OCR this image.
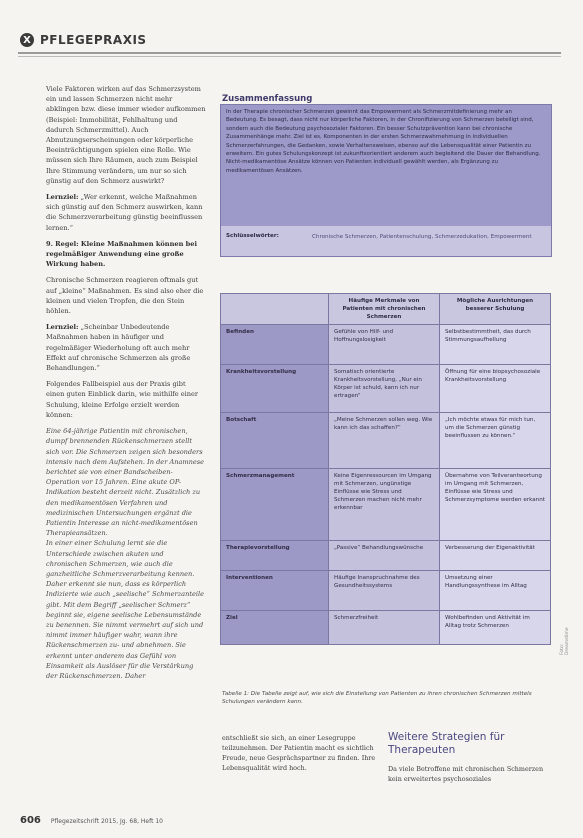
X PFLEGEPRAXIS

Viele Faktoren wirken auf das Schmerzsystem ein und lassen Schmerzen nicht mehr abklingen bzw. diese immer wieder aufkommen (Beispiel: Immobilität, Fehlhaltung und dadurch Schmerzmittel). Auch Abnutzungserscheinungen oder körperliche Beeinträchtigungen spielen eine Rolle. Wie müssen sich Ihre Räumen, auch zum Beispiel Ihre Stimmung verändern, um nur so sich günstig auf den Schmerz auswirkt?

Lernziel: „Wer erkennt, welche Maßnahmen sich günstig auf den Schmerz auswirken, kann die Schmerzverarbeitung günstig beeinflussen lernen.“

9. Regel: Kleine Maßnahmen können bei regelmäßiger Anwendung eine große Wirkung haben.

Chronische Schmerzen reagieren oftmals gut auf „kleine“ Maßnahmen. Es sind also eher die kleinen und vielen Tropfen, die den Stein höhlen.

Lernziel: „Scheinbar Unbedeutende Maßnahmen haben in häufiger und regelmäßiger Wiederholung oft auch mehr Effekt auf chronische Schmerzen als große Behandlungen.“

Folgendes Fallbeispiel aus der Praxis gibt einen guten Einblick darin, wie mithilfe einer Schulung, kleine Erfolge erzielt werden können:

Eine 64-jährige Patientin mit chronischen, dumpf brennenden Rückenschmerzen stellt sich vor. Die Schmerzen zeigen sich besonders intensiv nach dem Aufstehen. In der Anamnese berichtet sie von einer Bandscheiben-Operation vor 15 Jahren. Eine akute OP-Indikation besteht derzeit nicht. Zusätzlich zu den medikamentösen Verfahren und medizinischen Untersuchungen ergänzt die Patientin Interesse an nicht-medikamentösen Therapieansätzen.
In einer einer Schulung lernt sie die Unterschiede zwischen akuten und chronischen Schmerzen, wie auch die ganzheitliche Schmerzverarbeitung kennen. Daher erkennt sie nun, dass es körperlich Indizierte wie auch „seelische“ Schmerzanteile gibt. Mit dem Begriff „seelischer Schmerz“ beginnt sie, eigene seelische Lebensumstände zu benennen. Sie nimmt vermehrt auf sich und nimmt immer häufiger wahr, wann ihre Rückenschmerzen zu- und abnehmen. Sie erkennt unter anderem das Gefühl von Einsamkeit als Auslöser für die Verstärkung der Rückenschmerzen. Daher

Zusammenfassung
In der Therapie chronischer Schmerzen gewinnt das Empowerment als Schmerzmitdefinierung mehr an Bedeutung. Es besagt, dass nicht nur körperliche Faktoren, in der Chronifizierung von Schmerzen beteiligt sind, sondern auch die Bedeutung psychosozialer Faktoren. Ein besser Schutzprävention kann bei chronische Zusammenhänge mehr. Ziel ist es, Komponenten in der ersten Schmerzwahrnehmung in individuellen Schmerzerfahrungen, die Gedanken, sowie Verhaltensweisen, ebenso auf die Lebensqualität einer Patientin zu erweitern. Ein gutes Schulungskonzept ist zukunftsorientiert anderem auch begleitend die Dauer der Behandlung. Nicht-medikamentöse Ansätze können von Patienten individuell gewählt werden, als Ergänzung zu medikamentösen Ansätzen.
Schlüsselwörter:	Chronische Schmerzen, Patientenschulung, Schmerzedukation, Empowerment
	Häufige Merkmale von Patienten mit chronischen Schmerzen	Mögliche Ausrichtungen besserer Schulung
Befinden	Gefühle von Hilf- und Hoffnungslosigkeit	Selbstbestimmtheit, das durch Stimmungsaufhellung
Krankheitsvorstellung	Somatisch orientierte Krankheitsvorstellung, „Nur ein Körper ist schuld, kann ich nur ertragen“	Öffnung für eine biopsychosoziale Krankheitsvorstellung
Botschaft	„Meine Schmerzen sollen weg. Wie kann ich das schaffen?“	„Ich möchte etwas für mich tun, um die Schmerzen günstig beeinflussen zu können.“
Schmerzmanagement	Keine Eigenressourcen im Umgang mit Schmerzen, ungünstige Einflüsse wie Stress und Schmerzen machen nicht mehr erkennbar	Übernahme von Teilverantwortung im Umgang mit Schmerzen, Einflüsse wie Stress und Schmerzsymptome werden erkannt
Therapievorstellung	„Passive“ Behandlungswünsche	Verbesserung der Eigenaktivität
Interventionen	Häufige Inanspruchnahme des Gesundheitssystems	Umsetzung einer Handlungssynthese im Alltag
Ziel	Schmerzfreiheit	Wohlbefinden und Aktivität im Alltag trotz Schmerzen
Tabelle 1: Die Tabelle zeigt auf, wie sich die Einstellung von Patienten zu ihren chronischen Schmerzen mittels Schulungen verändern kann.
entschließt sie sich, an einer Lesegruppe teilzunehmen. Der Patientin macht es sichtlich Freude, neue Gesprächspartner zu finden. Ihre Lebensqualität wird hoch.
Weitere Strategien für Therapeuten
Da viele Betroffene mit chronischen Schmerzen kein erweitertes psychosoziales
Foto: Dreamstime
606 Pflegezeitschrift 2015, Jg. 68, Heft 10
